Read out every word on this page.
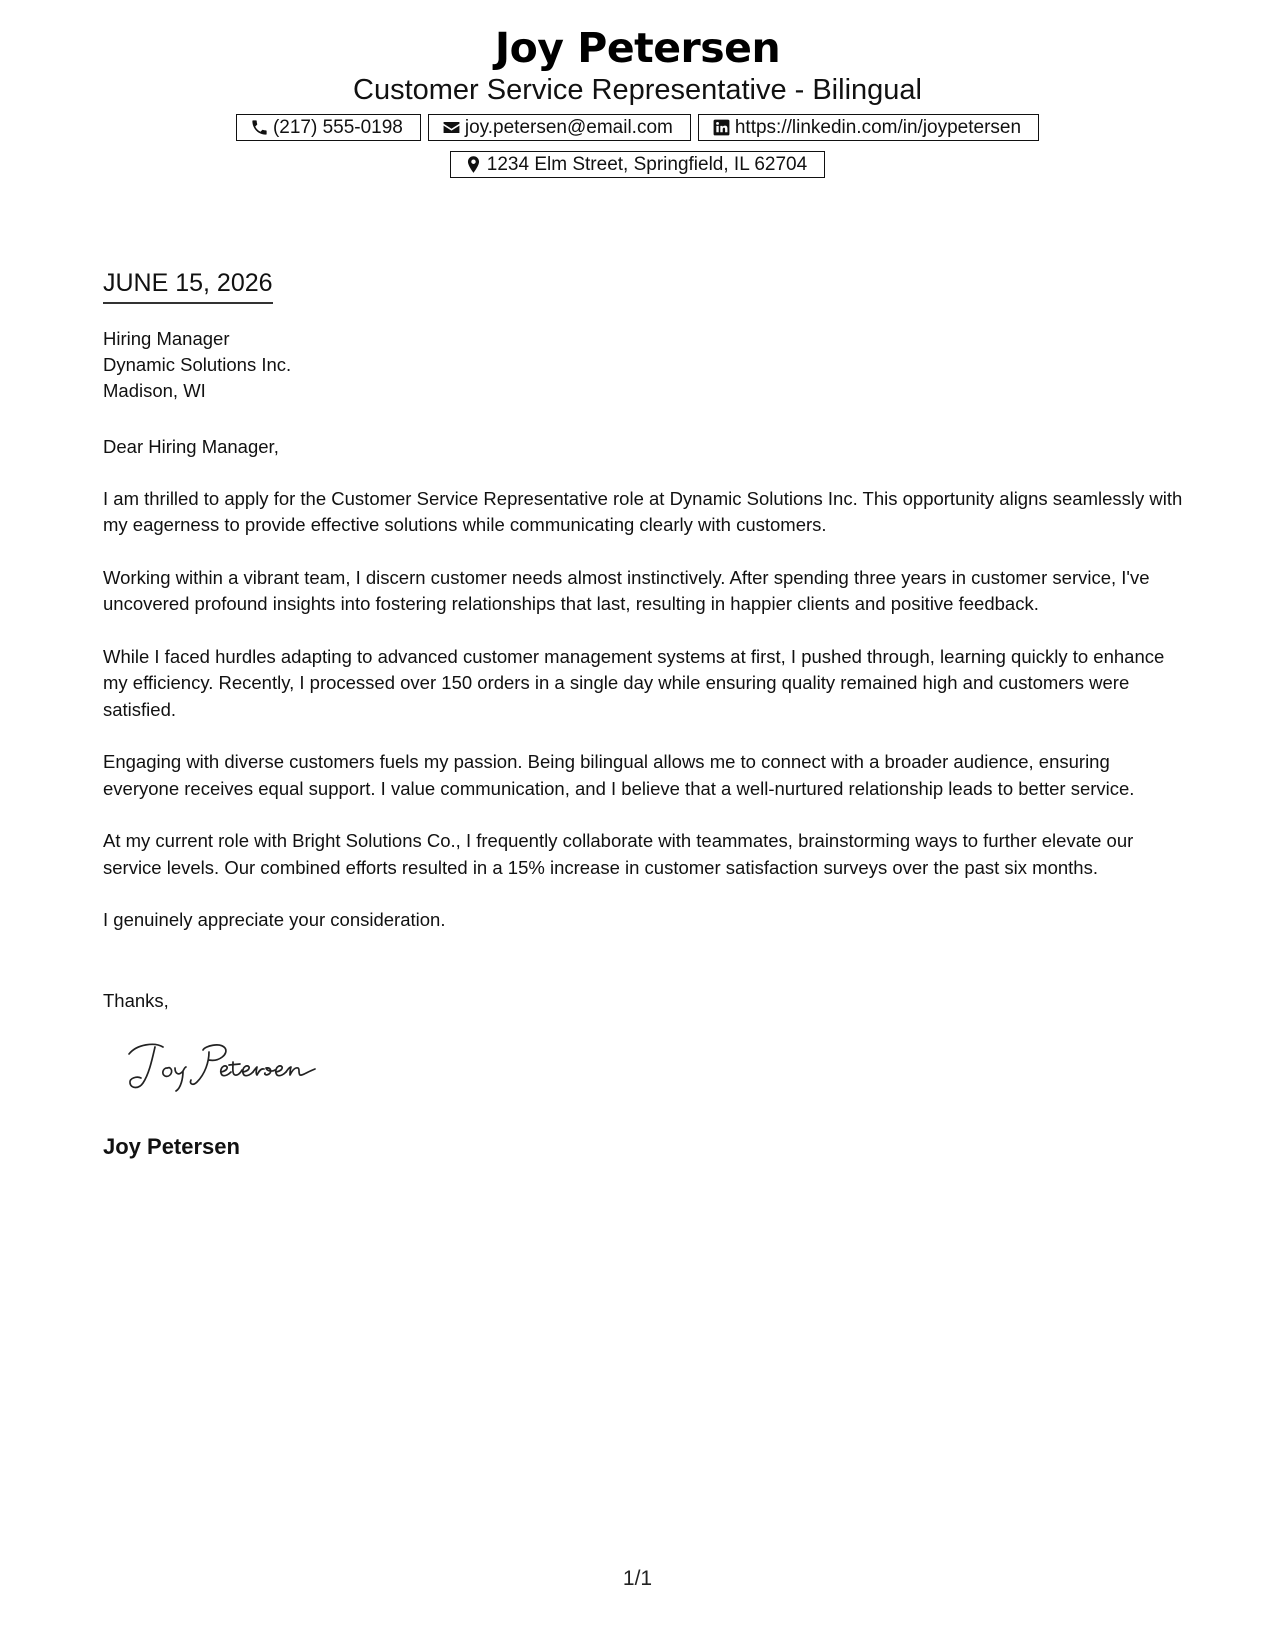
Joy Petersen
Customer Service Representative - Bilingual
(217) 555-0198	joy.petersen@email.com	https://linkedin.com/in/joypetersen
1234 Elm Street, Springfield, IL 62704
JUNE 15, 2026
Hiring Manager
Dynamic Solutions Inc.
Madison, WI

Dear Hiring Manager,

I am thrilled to apply for the Customer Service Representative role at Dynamic Solutions Inc. This opportunity aligns seamlessly with my eagerness to provide effective solutions while communicating clearly with customers.

Working within a vibrant team, I discern customer needs almost instinctively. After spending three years in customer service, I've uncovered profound insights into fostering relationships that last, resulting in happier clients and positive feedback.

While I faced hurdles adapting to advanced customer management systems at first, I pushed through, learning quickly to enhance my efficiency. Recently, I processed over 150 orders in a single day while ensuring quality remained high and customers were satisfied.

Engaging with diverse customers fuels my passion. Being bilingual allows me to connect with a broader audience, ensuring everyone receives equal support. I value communication, and I believe that a well-nurtured relationship leads to better service.

At my current role with Bright Solutions Co., I frequently collaborate with teammates, brainstorming ways to further elevate our service levels. Our combined efforts resulted in a 15% increase in customer satisfaction surveys over the past six months.

I genuinely appreciate your consideration.

Thanks,
Joy Petersen
1/1
